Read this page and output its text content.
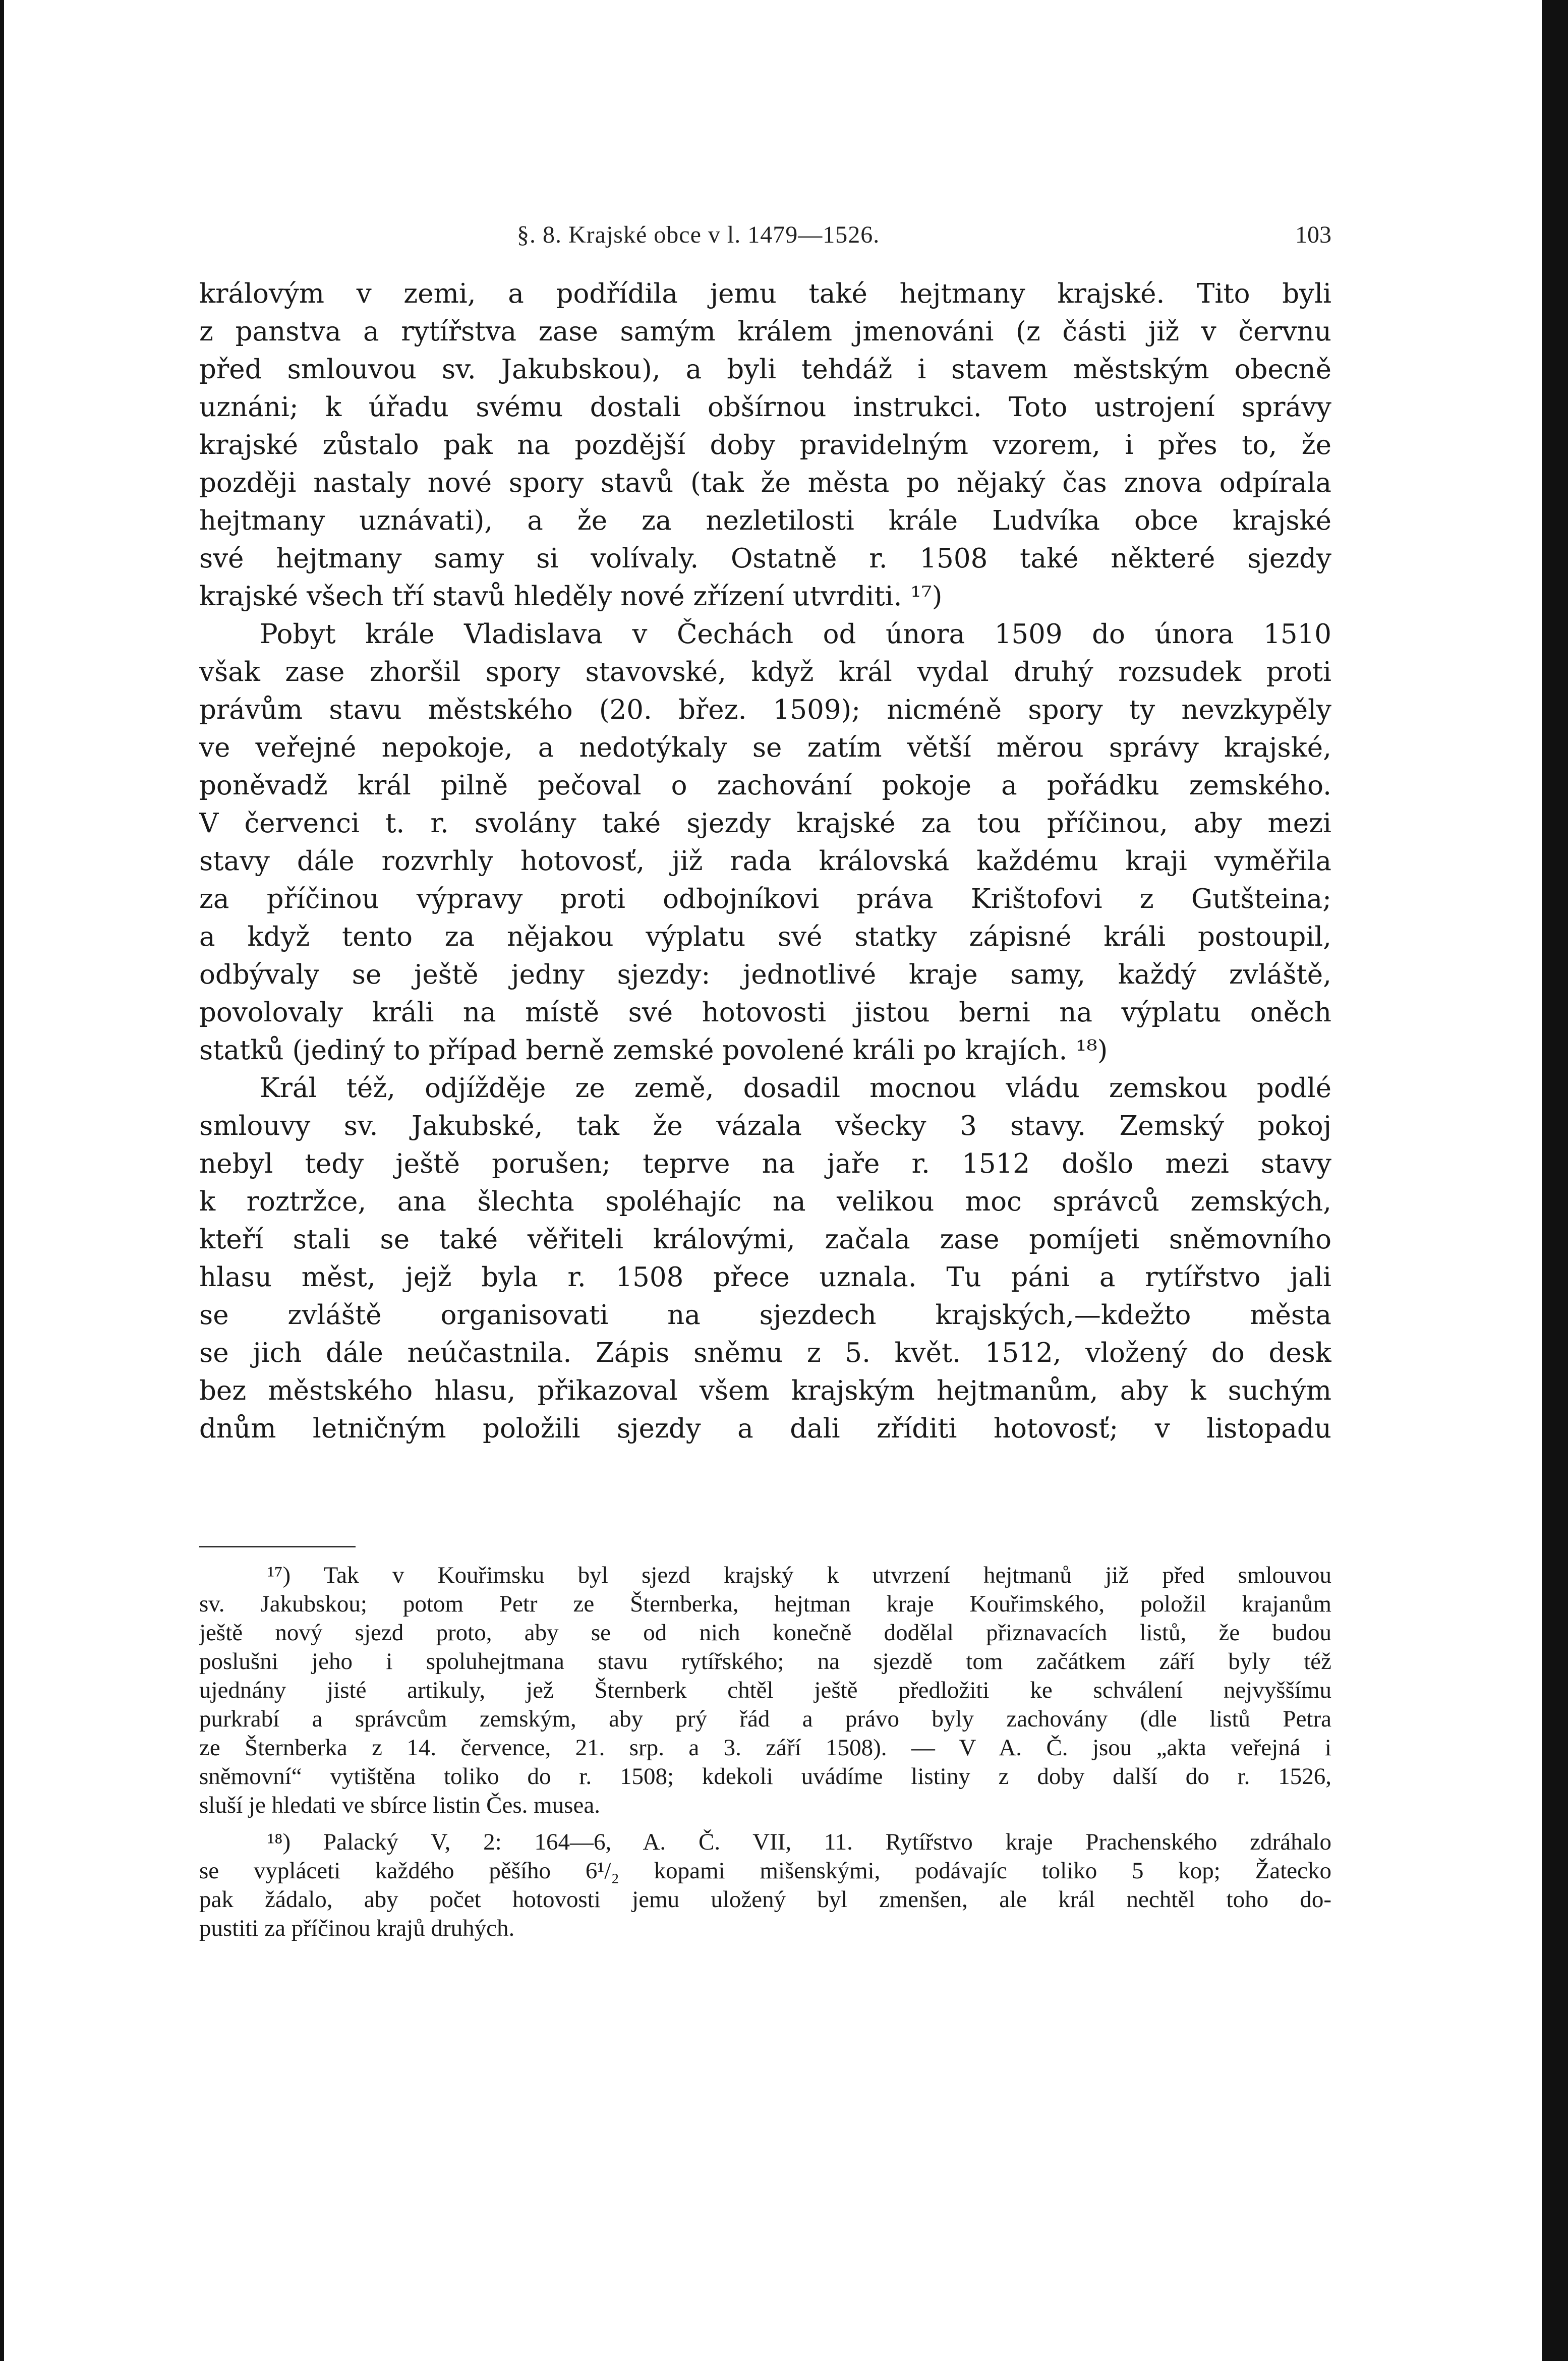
§. 8. Krajské obce v l. 1479—1526.	103
královým v zemi, a podřídila jemu také hejtmany krajské. Tito byli
z panstva a rytířstva zase samým králem jmenováni (z části již v červnu
před smlouvou sv. Jakubskou), a byli tehdáž i stavem městským obecně
uznáni; k úřadu svému dostali obšírnou instrukci. Toto ustrojení správy
krajské zůstalo pak na pozdější doby pravidelným vzorem, i přes to, že
později nastaly nové spory stavů (tak že města po nějaký čas znova odpírala
hejtmany uznávati), a že za nezletilosti krále Ludvíka obce krajské
své hejtmany samy si volívaly. Ostatně r. 1508 také některé sjezdy
krajské všech tří stavů hleděly nové zřízení utvrditi. ¹⁷)
Pobyt krále Vladislava v Čechách od února 1509 do února 1510
však zase zhoršil spory stavovské, když král vydal druhý rozsudek proti
právům stavu městského (20. břez. 1509); nicméně spory ty nevzkypěly
ve veřejné nepokoje, a nedotýkaly se zatím větší měrou správy krajské,
poněvadž král pilně pečoval o zachování pokoje a pořádku zemského.
V červenci t. r. svolány také sjezdy krajské za tou příčinou, aby mezi
stavy dále rozvrhly hotovosť, již rada královská každému kraji vyměřila
za příčinou výpravy proti odbojníkovi práva Krištofovi z Gutšteina;
a když tento za nějakou výplatu své statky zápisné králi postoupil,
odbývaly se ještě jedny sjezdy: jednotlivé kraje samy, každý zvláště,
povolovaly králi na místě své hotovosti jistou berni na výplatu oněch
statků (jediný to případ berně zemské povolené králi po krajích. ¹⁸)
Král též, odjížděje ze země, dosadil mocnou vládu zemskou podlé
smlouvy sv. Jakubské, tak že vázala všecky 3 stavy. Zemský pokoj
nebyl tedy ještě porušen; teprve na jaře r. 1512 došlo mezi stavy
k roztržce, ana šlechta spoléhajíc na velikou moc správců zemských,
kteří stali se také věřiteli královými, začala zase pomíjeti sněmovního
hlasu měst, jejž byla r. 1508 přece uznala. Tu páni a rytířstvo jali
se zvláště organisovati na sjezdech krajských,—kdežto města
se jich dále neúčastnila. Zápis sněmu z 5. květ. 1512, vložený do desk
bez městského hlasu, přikazoval všem krajským hejtmanům, aby k suchým
dnům letničným položili sjezdy a dali zříditi hotovosť; v listopadu
¹⁷) Tak v Kouřimsku byl sjezd krajský k utvrzení hejtmanů již před smlouvou
sv. Jakubskou; potom Petr ze Šternberka, hejtman kraje Kouřimského, položil krajanům
ještě nový sjezd proto, aby se od nich konečně dodělal přiznavacích listů, že budou
poslušni jeho i spoluhejtmana stavu rytířského; na sjezdě tom začátkem září byly též
ujednány jisté artikuly, jež Šternberk chtěl ještě předložiti ke schválení nejvyššímu
purkrabí a správcům zemským, aby prý řád a právo byly zachovány (dle listů Petra
ze Šternberka z 14. července, 21. srp. a 3. září 1508). — V A. Č. jsou „akta veřejná i
sněmovní“ vytištěna toliko do r. 1508; kdekoli uvádíme listiny z doby další do r. 1526,
sluší je hledati ve sbírce listin Čes. musea.
¹⁸) Palacký V, 2: 164—6, A. Č. VII, 11. Rytířstvo kraje Prachenského zdráhalo
se vypláceti každého pěšího 6¹/₂ kopami mišenskými, podávajíc toliko 5 kop; Žatecko
pak žádalo, aby počet hotovosti jemu uložený byl zmenšen, ale král nechtěl toho do-
pustiti za příčinou krajů druhých.
